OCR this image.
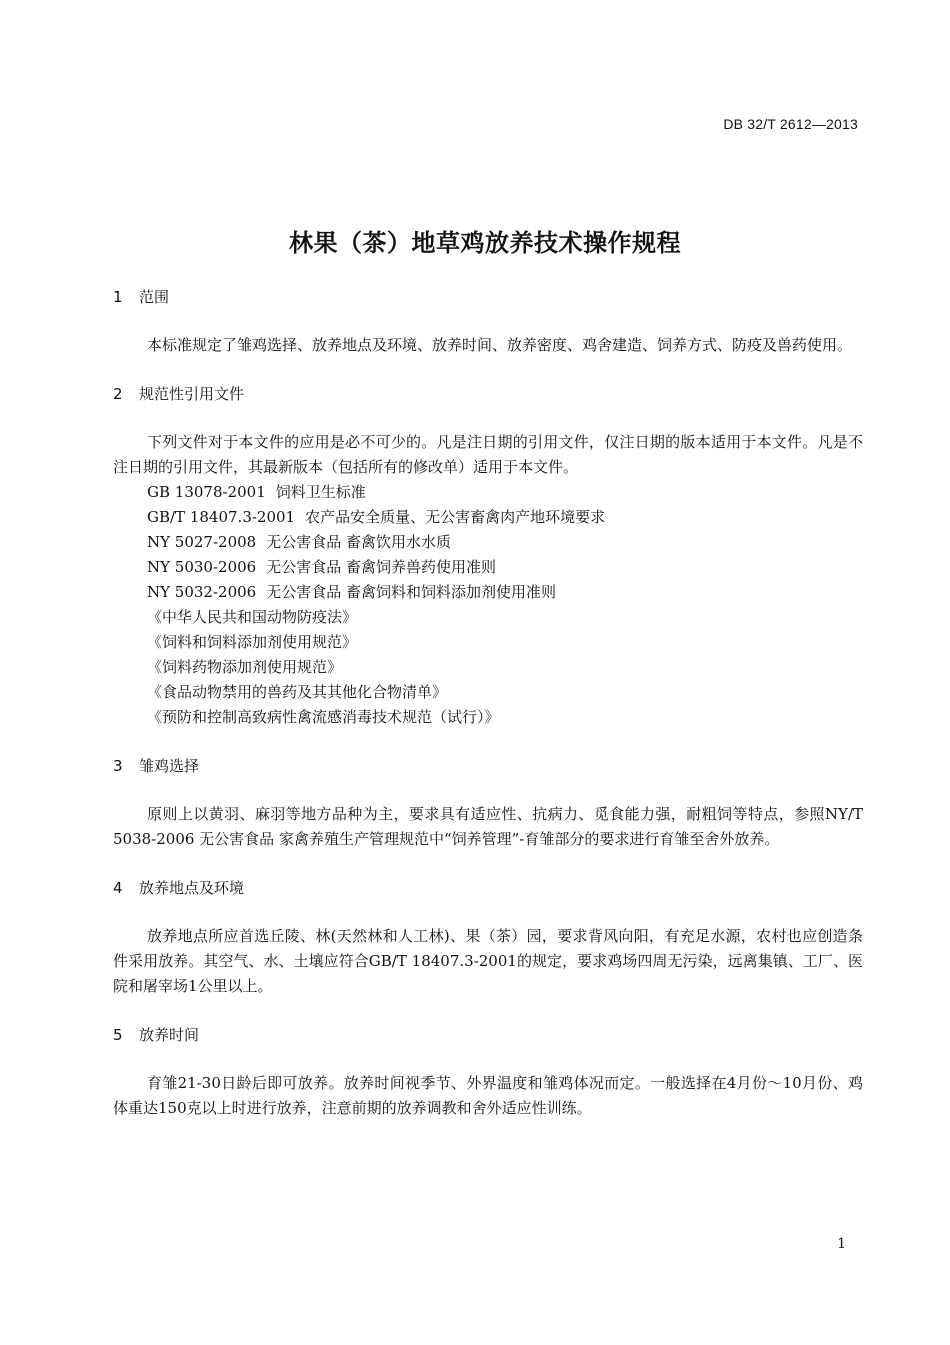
DB 32/T 2612—2013
林果（茶）地草鸡放养技术操作规程
1 范围

本标准规定了雏鸡选择、放养地点及环境、放养时间、放养密度、鸡舍建造、饲养方式、防疫及兽药使用。

2 规范性引用文件

下列文件对于本文件的应用是必不可少的。凡是注日期的引用文件，仅注日期的版本适用于本文件。凡是不注日期的引用文件，其最新版本（包括所有的修改单）适用于本文件。

GB 13078-2001 饲料卫生标准
GB/T 18407.3-2001 农产品安全质量、无公害畜禽肉产地环境要求
NY 5027-2008 无公害食品 畜禽饮用水水质
NY 5030-2006 无公害食品 畜禽饲养兽药使用准则
NY 5032-2006 无公害食品 畜禽饲料和饲料添加剂使用准则
《中华人民共和国动物防疫法》
《饲料和饲料添加剂使用规范》
《饲料药物添加剂使用规范》
《食品动物禁用的兽药及其其他化合物清单》
《预防和控制高致病性禽流感消毒技术规范（试行）》
3 雏鸡选择

原则上以黄羽、麻羽等地方品种为主，要求具有适应性、抗病力、觅食能力强，耐粗饲等特点，参照NY/T 5038-2006 无公害食品 家禽养殖生产管理规范中“饲养管理”-育雏部分的要求进行育雏至舍外放养。

4 放养地点及环境

放养地点所应首选丘陵、林(天然林和人工林)、果（茶）园，要求背风向阳，有充足水源，农村也应创造条件采用放养。其空气、水、土壤应符合GB/T 18407.3-2001的规定，要求鸡场四周无污染，远离集镇、工厂、医院和屠宰场1公里以上。

5 放养时间

育雏21-30日龄后即可放养。放养时间视季节、外界温度和雏鸡体况而定。一般选择在4月份～10月份、鸡体重达150克以上时进行放养，注意前期的放养调教和舍外适应性训练。

1
